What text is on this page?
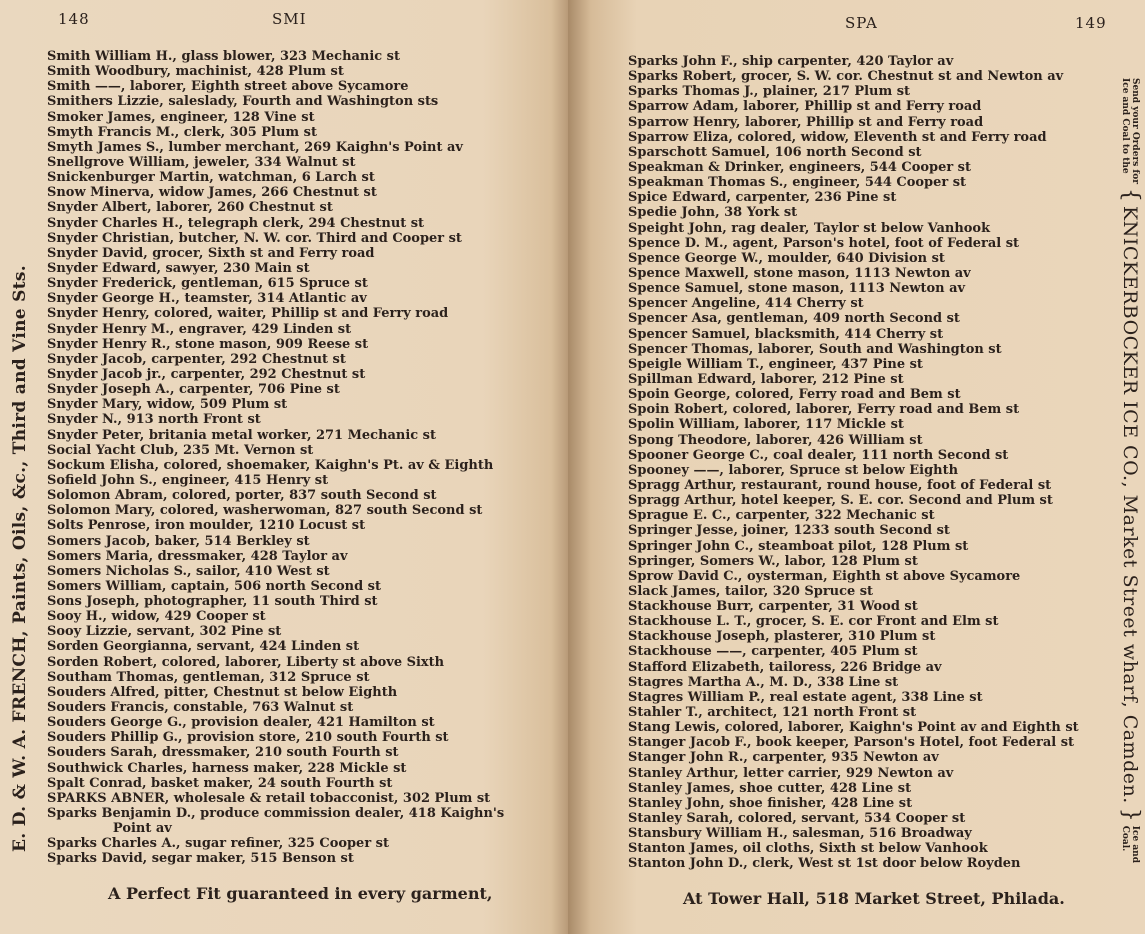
148	SMI
Smith William H., glass blower, 323 Mechanic st
Smith Woodbury, machinist, 428 Plum st
Smith ——, laborer, Eighth street above Sycamore
Smithers Lizzie, saleslady, Fourth and Washington sts
Smoker James, engineer, 128 Vine st
Smyth Francis M., clerk, 305 Plum st
Smyth James S., lumber merchant, 269 Kaighn's Point av
Snellgrove William, jeweler, 334 Walnut st
Snickenburger Martin, watchman, 6 Larch st
Snow Minerva, widow James, 266 Chestnut st
Snyder Albert, laborer, 260 Chestnut st
Snyder Charles H., telegraph clerk, 294 Chestnut st
Snyder Christian, butcher, N. W. cor. Third and Cooper st
Snyder David, grocer, Sixth st and Ferry road
Snyder Edward, sawyer, 230 Main st
Snyder Frederick, gentleman, 615 Spruce st
Snyder George H., teamster, 314 Atlantic av
Snyder Henry, colored, waiter, Phillip st and Ferry road
Snyder Henry M., engraver, 429 Linden st
Snyder Henry R., stone mason, 909 Reese st
Snyder Jacob, carpenter, 292 Chestnut st
Snyder Jacob jr., carpenter, 292 Chestnut st
Snyder Joseph A., carpenter, 706 Pine st
Snyder Mary, widow, 509 Plum st
Snyder N., 913 north Front st
Snyder Peter, britania metal worker, 271 Mechanic st
Social Yacht Club, 235 Mt. Vernon st
Sockum Elisha, colored, shoemaker, Kaighn's Pt. av & Eighth
Sofield John S., engineer, 415 Henry st
Solomon Abram, colored, porter, 837 south Second st
Solomon Mary, colored, washerwoman, 827 south Second st
Solts Penrose, iron moulder, 1210 Locust st
Somers Jacob, baker, 514 Berkley st
Somers Maria, dressmaker, 428 Taylor av
Somers Nicholas S., sailor, 410 West st
Somers William, captain, 506 north Second st
Sons Joseph, photographer, 11 south Third st
Sooy H., widow, 429 Cooper st
Sooy Lizzie, servant, 302 Pine st
Sorden Georgianna, servant, 424 Linden st
Sorden Robert, colored, laborer, Liberty st above Sixth
Southam Thomas, gentleman, 312 Spruce st
Souders Alfred, pitter, Chestnut st below Eighth
Souders Francis, constable, 763 Walnut st
Souders George G., provision dealer, 421 Hamilton st
Souders Phillip G., provision store, 210 south Fourth st
Souders Sarah, dressmaker, 210 south Fourth st
Southwick Charles, harness maker, 228 Mickle st
Spalt Conrad, basket maker, 24 south Fourth st
SPARKS ABNER, wholesale & retail tobacconist, 302 Plum st
Sparks Benjamin D., produce commission dealer, 418 Kaighn's
Point av
Sparks Charles A., sugar refiner, 325 Cooper st
Sparks David, segar maker, 515 Benson st
A Perfect Fit guaranteed in every garment,
E. D. & W. A. FRENCH, Paints, Oils, &c., Third and Vine Sts.
SPA	149
Sparks John F., ship carpenter, 420 Taylor av
Sparks Robert, grocer, S. W. cor. Chestnut st and Newton av
Sparks Thomas J., plainer, 217 Plum st
Sparrow Adam, laborer, Phillip st and Ferry road
Sparrow Henry, laborer, Phillip st and Ferry road
Sparrow Eliza, colored, widow, Eleventh st and Ferry road
Sparschott Samuel, 106 north Second st
Speakman & Drinker, engineers, 544 Cooper st
Speakman Thomas S., engineer, 544 Cooper st
Spice Edward, carpenter, 236 Pine st
Spedie John, 38 York st
Speight John, rag dealer, Taylor st below Vanhook
Spence D. M., agent, Parson's hotel, foot of Federal st
Spence George W., moulder, 640 Division st
Spence Maxwell, stone mason, 1113 Newton av
Spence Samuel, stone mason, 1113 Newton av
Spencer Angeline, 414 Cherry st
Spencer Asa, gentleman, 409 north Second st
Spencer Samuel, blacksmith, 414 Cherry st
Spencer Thomas, laborer, South and Washington st
Speigle William T., engineer, 437 Pine st
Spillman Edward, laborer, 212 Pine st
Spoin George, colored, Ferry road and Bem st
Spoin Robert, colored, laborer, Ferry road and Bem st
Spolin William, laborer, 117 Mickle st
Spong Theodore, laborer, 426 William st
Spooner George C., coal dealer, 111 north Second st
Spooney ——, laborer, Spruce st below Eighth
Spragg Arthur, restaurant, round house, foot of Federal st
Spragg Arthur, hotel keeper, S. E. cor. Second and Plum st
Sprague E. C., carpenter, 322 Mechanic st
Springer Jesse, joiner, 1233 south Second st
Springer John C., steamboat pilot, 128 Plum st
Springer, Somers W., labor, 128 Plum st
Sprow David C., oysterman, Eighth st above Sycamore
Slack James, tailor, 320 Spruce st
Stackhouse Burr, carpenter, 31 Wood st
Stackhouse L. T., grocer, S. E. cor Front and Elm st
Stackhouse Joseph, plasterer, 310 Plum st
Stackhouse ——, carpenter, 405 Plum st
Stafford Elizabeth, tailoress, 226 Bridge av
Stagres Martha A., M. D., 338 Line st
Stagres William P., real estate agent, 338 Line st
Stahler T., architect, 121 north Front st
Stang Lewis, colored, laborer, Kaighn's Point av and Eighth st
Stanger Jacob F., book keeper, Parson's Hotel, foot Federal st
Stanger John R., carpenter, 935 Newton av
Stanley Arthur, letter carrier, 929 Newton av
Stanley James, shoe cutter, 428 Line st
Stanley John, shoe finisher, 428 Line st
Stanley Sarah, colored, servant, 534 Cooper st
Stansbury William H., salesman, 516 Broadway
Stanton James, oil cloths, Sixth st below Vanhook
Stanton John D., clerk, West st 1st door below Royden
At Tower Hall, 518 Market Street, Philada.
Send your Orders for
Ice and Coal to the
{
KNICKERBOCKER ICE CO., Market Street wharf, Camden.
}
Ice and
Coal.
